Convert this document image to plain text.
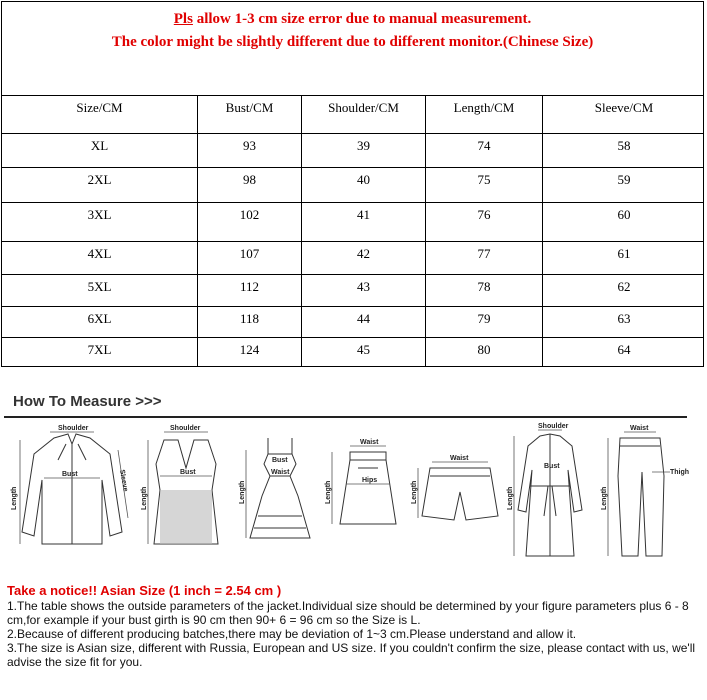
Pls allow 1-3 cm size error due to manual measurement.
The color might be slightly different due to different monitor.(Chinese Size)
Size/CM	Bust/CM	Shoulder/CM	Length/CM	Sleeve/CM
XL	93	39	74	58
2XL	98	40	75	59
3XL	102	41	76	60
4XL	107	42	77	61
5XL	112	43	78	62
6XL	118	44	79	63
7XL	124	45	80	64
How To Measure >>>
Shoulder
Bust
Length
Sleeve
Shoulder
Bust
Length
Bust
Waist
Length
Waist
Hips
Length
Waist
Length
Shoulder
Bust
Length
Waist
Thigh
Length

Take a notice!! Asian Size (1 inch = 2.54 cm )

1.The table shows the outside parameters of the jacket.Individual size should be determined by your figure parameters plus 6 - 8 cm,for example if your bust girth is 90 cm then 90+ 6 = 96 cm so the Size is L.

2.Because of different producing batches,there may be deviation of 1~3 cm.Please understand and allow it.

3.The size is Asian size, different with Russia, European and US size. If you couldn't confirm the size, please contact with us, we'll advise the size fit for you.
